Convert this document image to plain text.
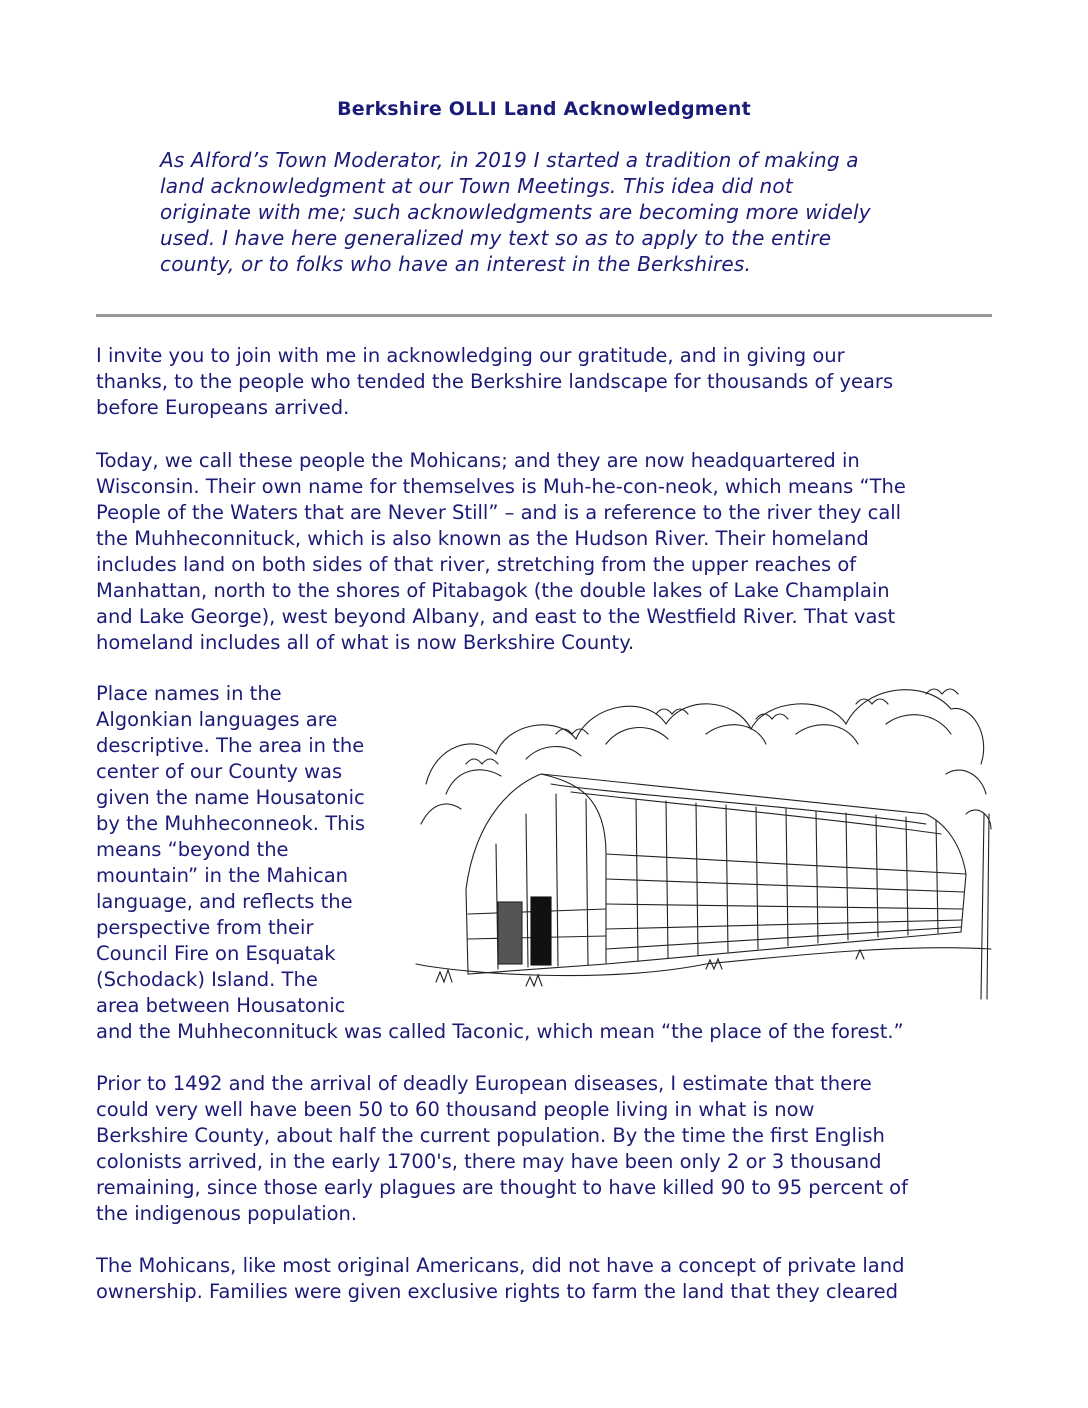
Berkshire OLLI Land Acknowledgment

As Alford’s Town Moderator, in 2019 I started a tradition of making a
land acknowledgment at our Town Meetings. This idea did not
originate with me; such acknowledgments are becoming more widely
used. I have here generalized my text so as to apply to the entire
county, or to folks who have an interest in the Berkshires.

I invite you to join with me in acknowledging our gratitude, and in giving our
thanks, to the people who tended the Berkshire landscape for thousands of years
before Europeans arrived.

Today, we call these people the Mohicans; and they are now headquartered in
Wisconsin. Their own name for themselves is Muh-he-con-neok, which means “The
People of the Waters that are Never Still” – and is a reference to the river they call
the Muhheconnituck, which is also known as the Hudson River. Their homeland
includes land on both sides of that river, stretching from the upper reaches of
Manhattan, north to the shores of Pitabagok (the double lakes of Lake Champlain
and Lake George), west beyond Albany, and east to the Westfield River. That vast
homeland includes all of what is now Berkshire County.

Place names in the
Algonkian languages are
descriptive. The area in the
center of our County was
given the name Housatonic
by the Muhheconneok. This
means “beyond the
mountain” in the Mahican
language, and reflects the
perspective from their
Council Fire on Esquatak
(Schodack) Island. The
area between Housatonic

and the Muhheconnituck was called Taconic, which mean “the place of the forest.”

Prior to 1492 and the arrival of deadly European diseases, I estimate that there
could very well have been 50 to 60 thousand people living in what is now
Berkshire County, about half the current population. By the time the first English
colonists arrived, in the early 1700's, there may have been only 2 or 3 thousand
remaining, since those early plagues are thought to have killed 90 to 95 percent of
the indigenous population.

The Mohicans, like most original Americans, did not have a concept of private land
ownership. Families were given exclusive rights to farm the land that they cleared
